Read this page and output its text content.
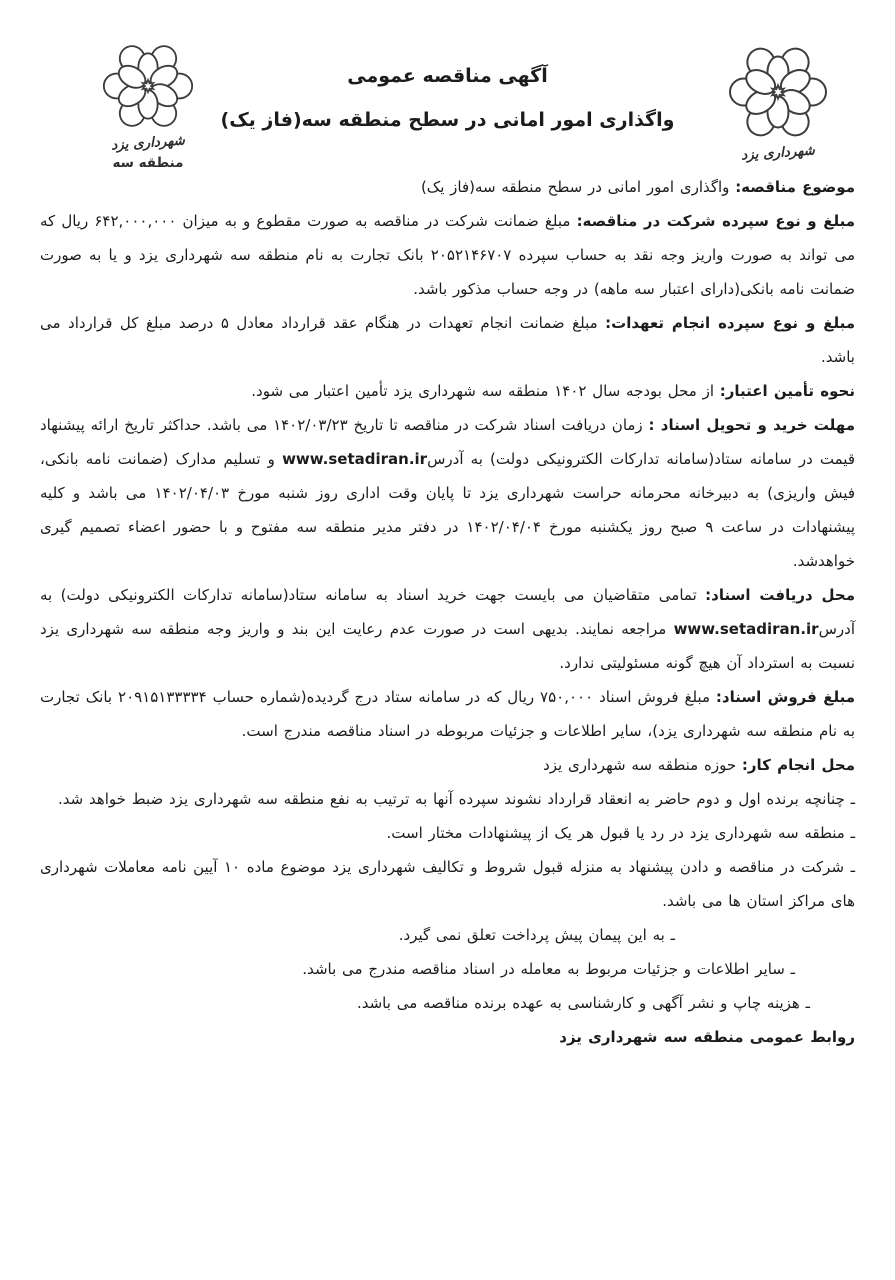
شهرداری یزد
شهرداری یزد
منطقه سه
آگهی مناقصه عمومی
واگذاری امور امانی در سطح منطقه سه(فاز یک)

موضوع مناقصه: واگذاری امور امانی در سطح منطقه سه(فاز یک)

مبلغ و نوع سپرده شرکت در مناقصه: مبلغ ضمانت شرکت در مناقصه به صورت مقطوع و به میزان ۶۴۲,۰۰۰,۰۰۰ ریال که می تواند به صورت واریز وجه نقد به حساب سپرده ۲۰۵۲۱۴۶۷۰۷ بانک تجارت به نام منطقه سه شهرداری یزد و یا به صورت ضمانت نامه بانکی(دارای اعتبار سه ماهه) در وجه حساب مذکور باشد.

مبلغ و نوع سپرده انجام تعهدات: مبلغ ضمانت انجام تعهدات در هنگام عقد قرارداد معادل ۵ درصد مبلغ کل قرارداد می باشد.

نحوه تأمین اعتبار: از محل بودجه سال ۱۴۰۲ منطقه سه شهرداری یزد تأمین اعتبار می شود.

مهلت خرید و تحویل اسناد : زمان دریافت اسناد شرکت در مناقصه تا تاریخ ۱۴۰۲/۰۳/۲۳ می باشد. حداکثر تاریخ ارائه پیشنهاد قیمت در سامانه ستاد(سامانه تدارکات الکترونیکی دولت) به آدرسwww.setadiran.ir و تسلیم مدارک (ضمانت نامه بانکی، فیش واریزی) به دبیرخانه محرمانه حراست شهرداری یزد تا پایان وقت اداری روز شنبه مورخ ۱۴۰۲/۰۴/۰۳ می باشد و کلیه پیشنهادات در ساعت ۹ صبح روز یکشنبه مورخ ۱۴۰۲/۰۴/۰۴ در دفتر مدیر منطقه سه مفتوح و با حضور اعضاء تصمیم گیری خواهدشد.

محل دریافت اسناد: تمامی متقاضیان می بایست جهت خرید اسناد به سامانه ستاد(سامانه تدارکات الکترونیکی دولت) به آدرسwww.setadiran.ir مراجعه نمایند. بدیهی است در صورت عدم رعایت این بند و واریز وجه منطقه سه شهرداری یزد نسبت به استرداد آن هیچ گونه مسئولیتی ندارد.

مبلغ فروش اسناد: مبلغ فروش اسناد ۷۵۰,۰۰۰ ریال که در سامانه ستاد درج گردیده(شماره حساب ۲۰۹۱۵۱۳۳۳۳۴ بانک تجارت به نام منطقه سه شهرداری یزد)، سایر اطلاعات و جزئیات مربوطه در اسناد مناقصه مندرج است.

محل انجام کار: حوزه منطقه سه شهرداری یزد

ـ چنانچه برنده اول و دوم حاضر به انعقاد قرارداد نشوند سپرده آنها به ترتیب به نفع منطقه سه شهرداری یزد ضبط خواهد شد.

ـ منطقه سه شهرداری یزد در رد یا قبول هر یک از پیشنهادات مختار است.

ـ شرکت در مناقصه و دادن پیشنهاد به منزله قبول شروط و تکالیف شهرداری یزد موضوع ماده ۱۰ آیین نامه معاملات شهرداری های مراکز استان ها می باشد.

ـ به این پیمان پیش پرداخت تعلق نمی گیرد.

ـ سایر اطلاعات و جزئیات مربوط به معامله در اسناد مناقصه مندرج می باشد.

ـ هزینه چاپ و نشر آگهی و کارشناسی به عهده برنده مناقصه می باشد.

روابط عمومی منطقه سه شهرداری یزد
